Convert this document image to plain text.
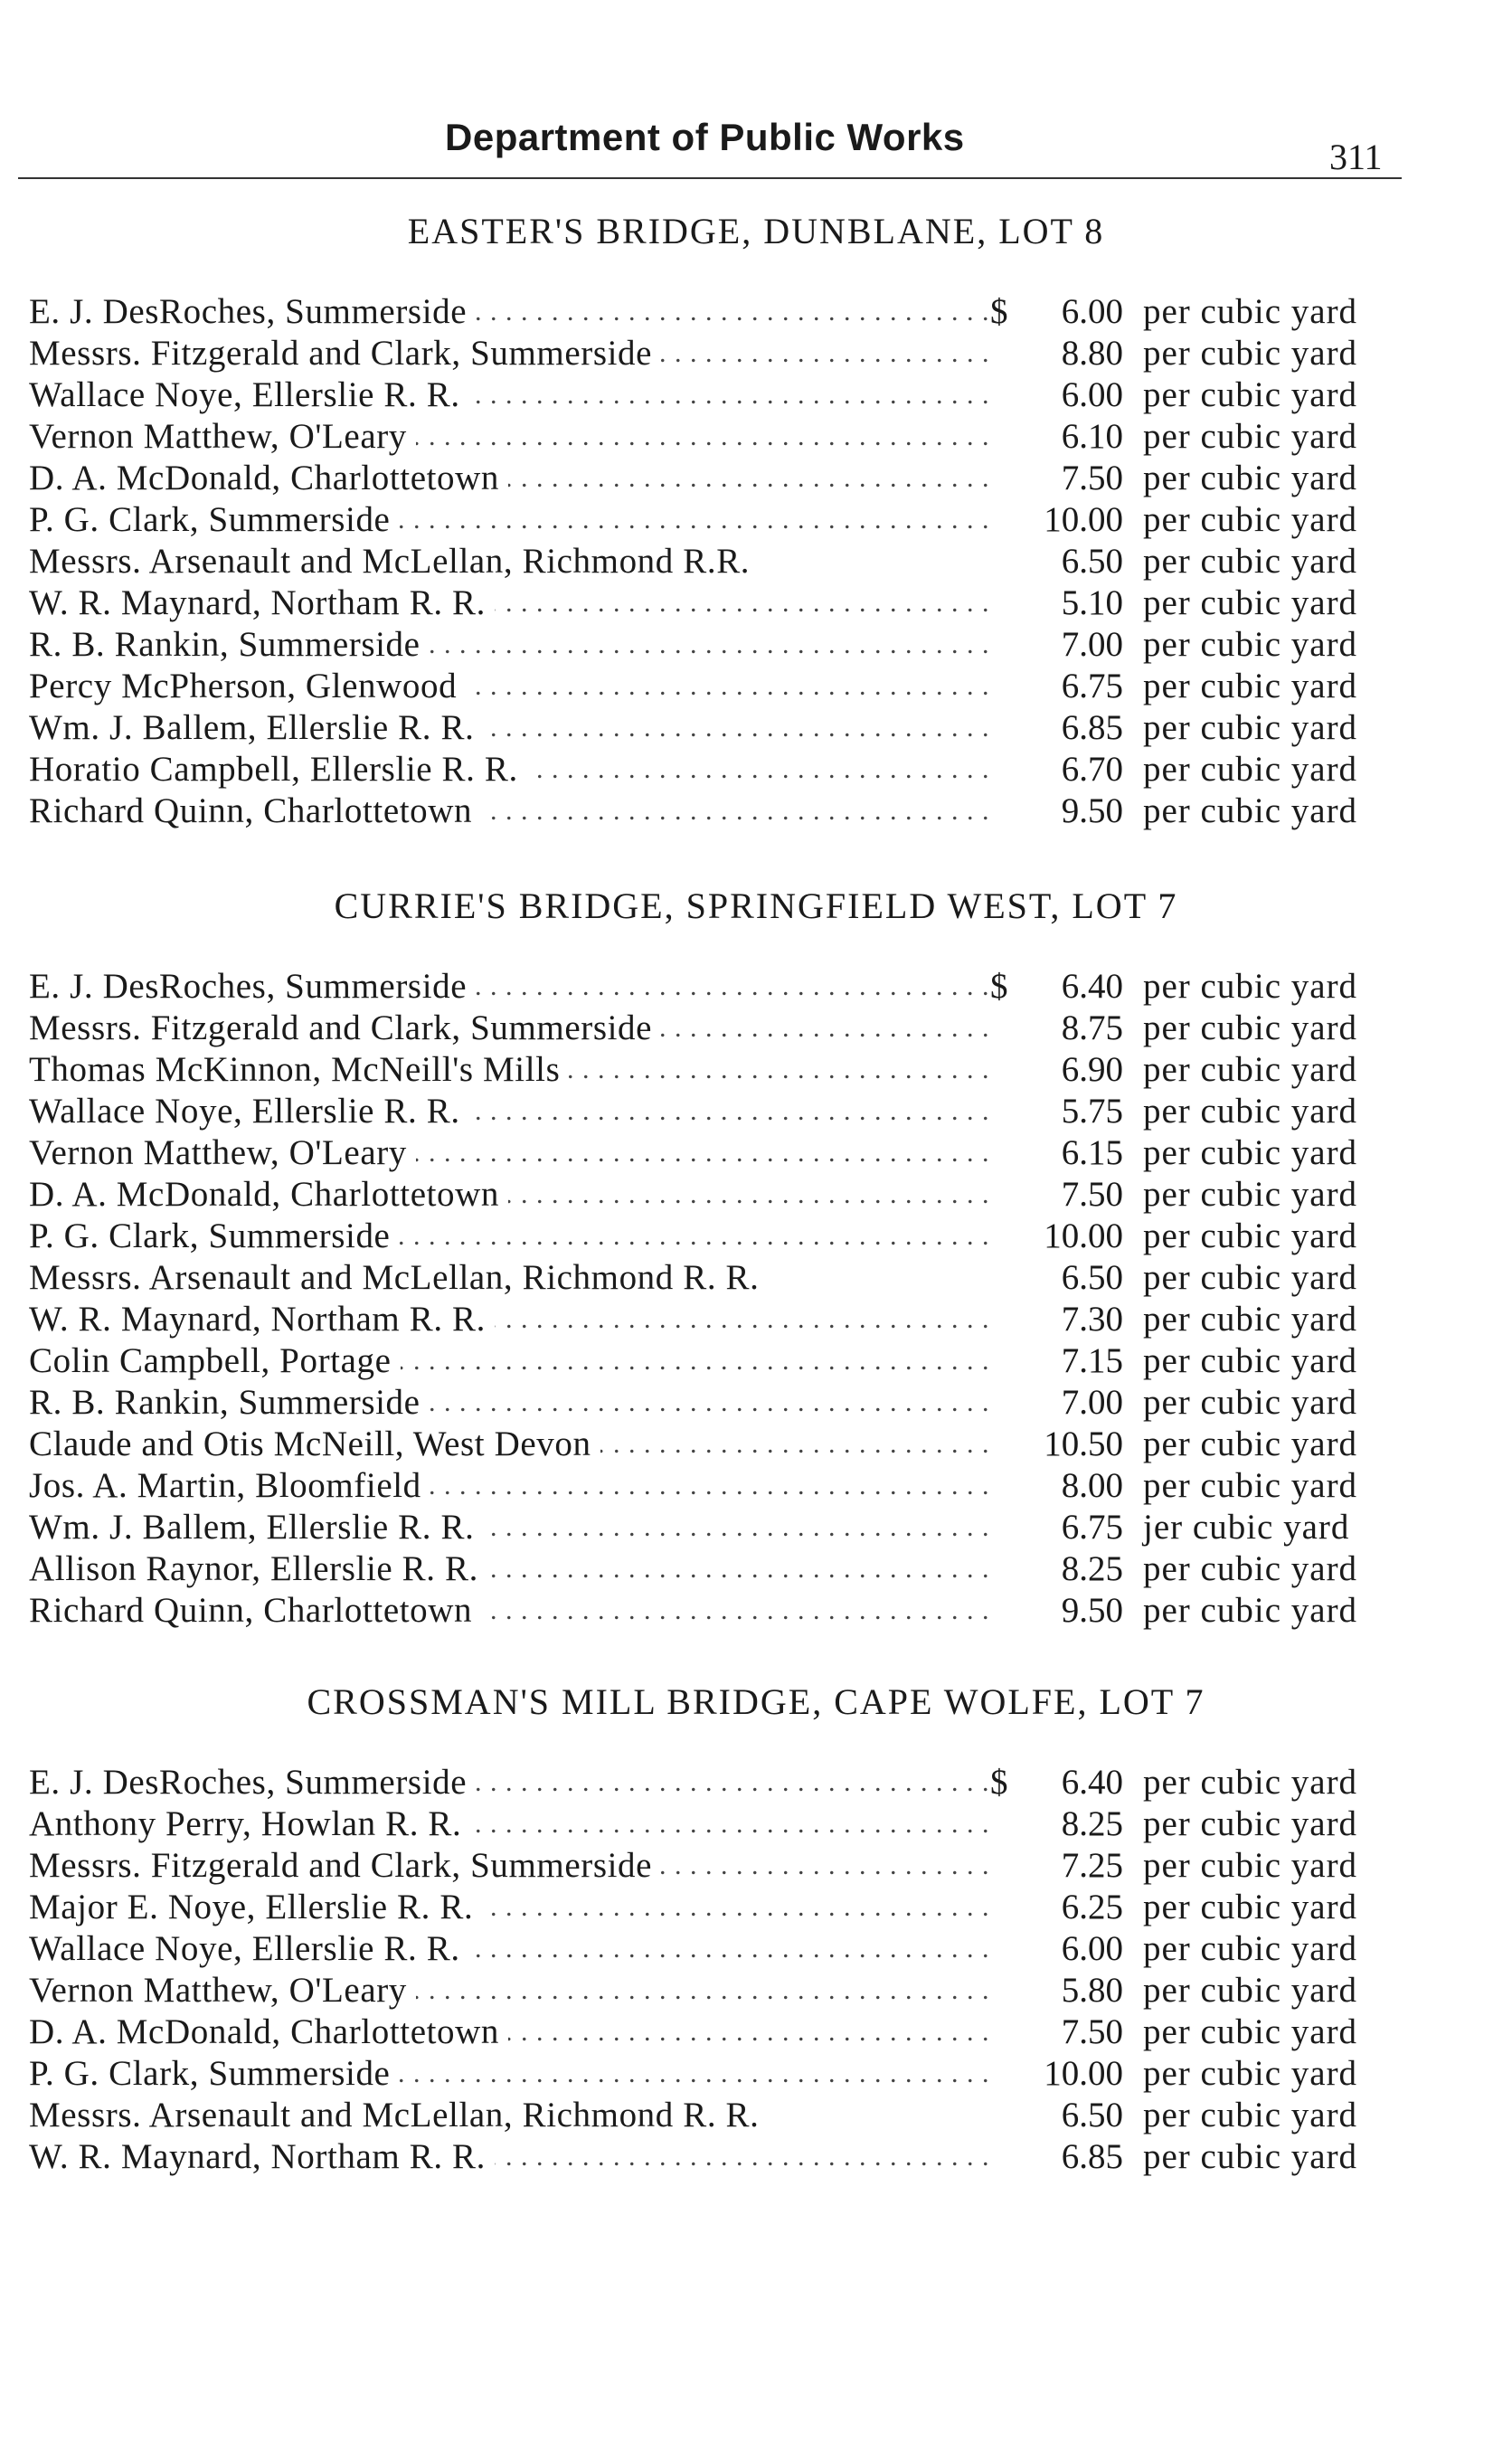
Department of Public Works	311
EASTER'S BRIDGE, DUNBLANE, LOT 8
E. J. DesRoches, Summerside . . .	$	6.00 per cubic yard
Messrs. Fitzgerald and Clark, Summerside . . .	8.80 per cubic yard
Wallace Noye, Ellerslie R. R. . . .	6.00 per cubic yard
Vernon Matthew, O'Leary . . .	6.10 per cubic yard
D. A. McDonald, Charlottetown . . .	7.50 per cubic yard
P. G. Clark, Summerside . . .	10.00 per cubic yard
Messrs. Arsenault and McLellan, Richmond R.R.	6.50 per cubic yard
W. R. Maynard, Northam R. R. . . .	5.10 per cubic yard
R. B. Rankin, Summerside . . .	7.00 per cubic yard
Percy McPherson, Glenwood . . .	6.75 per cubic yard
Wm. J. Ballem, Ellerslie R. R. . . .	6.85 per cubic yard
Horatio Campbell, Ellerslie R. R. . . .	6.70 per cubic yard
Richard Quinn, Charlottetown . . .	9.50 per cubic yard
CURRIE'S BRIDGE, SPRINGFIELD WEST, LOT 7
E. J. DesRoches, Summerside . . .	$	6.40 per cubic yard
Messrs. Fitzgerald and Clark, Summerside . . .	8.75 per cubic yard
Thomas McKinnon, McNeill's Mills . . .	6.90 per cubic yard
Wallace Noye, Ellerslie R. R. . . .	5.75 per cubic yard
Vernon Matthew, O'Leary . . .	6.15 per cubic yard
D. A. McDonald, Charlottetown . . .	7.50 per cubic yard
P. G. Clark, Summerside . . .	10.00 per cubic yard
Messrs. Arsenault and McLellan, Richmond R. R.	6.50 per cubic yard
W. R. Maynard, Northam R. R. . . .	7.30 per cubic yard
Colin Campbell, Portage . . .	7.15 per cubic yard
R. B. Rankin, Summerside . . .	7.00 per cubic yard
Claude and Otis McNeill, West Devon . . .	10.50 per cubic yard
Jos. A. Martin, Bloomfield . . .	8.00 per cubic yard
Wm. J. Ballem, Ellerslie R. R. . . .	6.75 jer cubic yard
Allison Raynor, Ellerslie R. R. . . .	8.25 per cubic yard
Richard Quinn, Charlottetown . . .	9.50 per cubic yard
CROSSMAN'S MILL BRIDGE, CAPE WOLFE, LOT 7
E. J. DesRoches, Summerside . . .	$	6.40 per cubic yard
Anthony Perry, Howlan R. R. . . .	8.25 per cubic yard
Messrs. Fitzgerald and Clark, Summerside . . .	7.25 per cubic yard
Major E. Noye, Ellerslie R. R. . . .	6.25 per cubic yard
Wallace Noye, Ellerslie R. R. . . .	6.00 per cubic yard
Vernon Matthew, O'Leary . . .	5.80 per cubic yard
D. A. McDonald, Charlottetown . . .	7.50 per cubic yard
P. G. Clark, Summerside . . .	10.00 per cubic yard
Messrs. Arsenault and McLellan, Richmond R. R.	6.50 per cubic yard
W. R. Maynard, Northam R. R. . . .	6.85 per cubic yard
